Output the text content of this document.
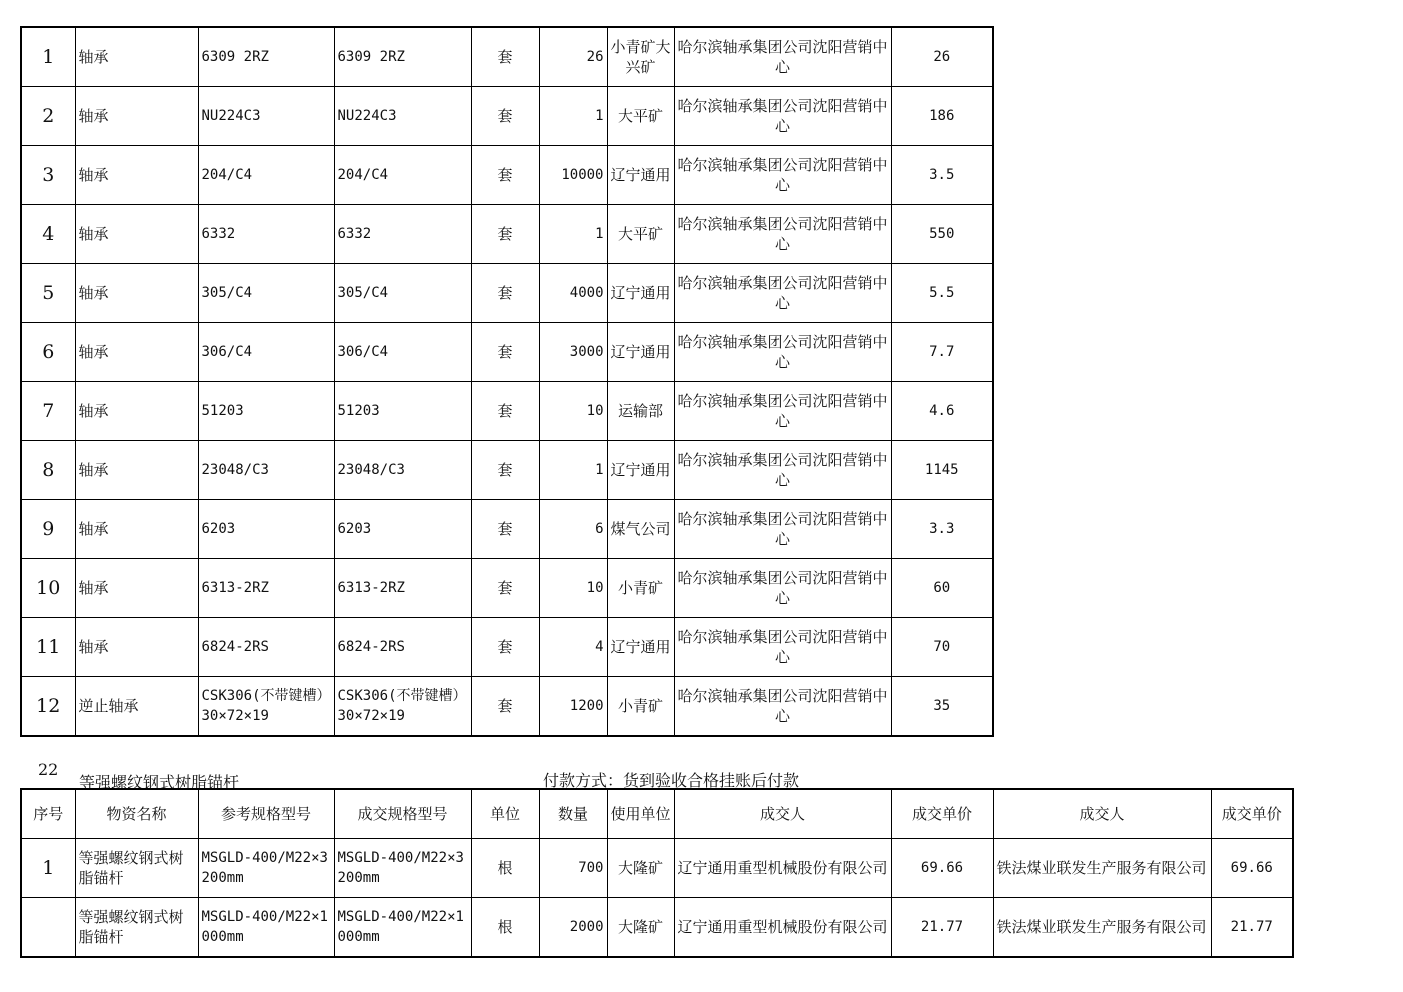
1	轴承	6309 2RZ	6309 2RZ	套	26	小青矿大兴矿	哈尔滨轴承集团公司沈阳营销中心	26
2	轴承	NU224C3	NU224C3	套	1	大平矿	哈尔滨轴承集团公司沈阳营销中心	186
3	轴承	204/C4	204/C4	套	10000	辽宁通用	哈尔滨轴承集团公司沈阳营销中心	3.5
4	轴承	6332	6332	套	1	大平矿	哈尔滨轴承集团公司沈阳营销中心	550
5	轴承	305/C4	305/C4	套	4000	辽宁通用	哈尔滨轴承集团公司沈阳营销中心	5.5
6	轴承	306/C4	306/C4	套	3000	辽宁通用	哈尔滨轴承集团公司沈阳营销中心	7.7
7	轴承	51203	51203	套	10	运输部	哈尔滨轴承集团公司沈阳营销中心	4.6
8	轴承	23048/C3	23048/C3	套	1	辽宁通用	哈尔滨轴承集团公司沈阳营销中心	1145
9	轴承	6203	6203	套	6	煤气公司	哈尔滨轴承集团公司沈阳营销中心	3.3
10	轴承	6313-2RZ	6313-2RZ	套	10	小青矿	哈尔滨轴承集团公司沈阳营销中心	60
11	轴承	6824-2RS	6824-2RS	套	4	辽宁通用	哈尔滨轴承集团公司沈阳营销中心	70
12	逆止轴承	CSK306(不带键槽）30×72×19	CSK306(不带键槽）30×72×19	套	1200	小青矿	哈尔滨轴承集团公司沈阳营销中心	35
22
等强螺纹钢式树脂锚杆	付款方式：货到验收合格挂账后付款
序号	物资名称	参考规格型号	成交规格型号	单位	数量	使用单位	成交人	成交单价	成交人	成交单价
1	等强螺纹钢式树脂锚杆	MSGLD-400/M22×3200mm	MSGLD-400/M22×3200mm	根	700	大隆矿	辽宁通用重型机械股份有限公司	69.66	铁法煤业联发生产服务有限公司	69.66
	等强螺纹钢式树脂锚杆	MSGLD-400/M22×1000mm	MSGLD-400/M22×1000mm	根	2000	大隆矿	辽宁通用重型机械股份有限公司	21.77	铁法煤业联发生产服务有限公司	21.77
